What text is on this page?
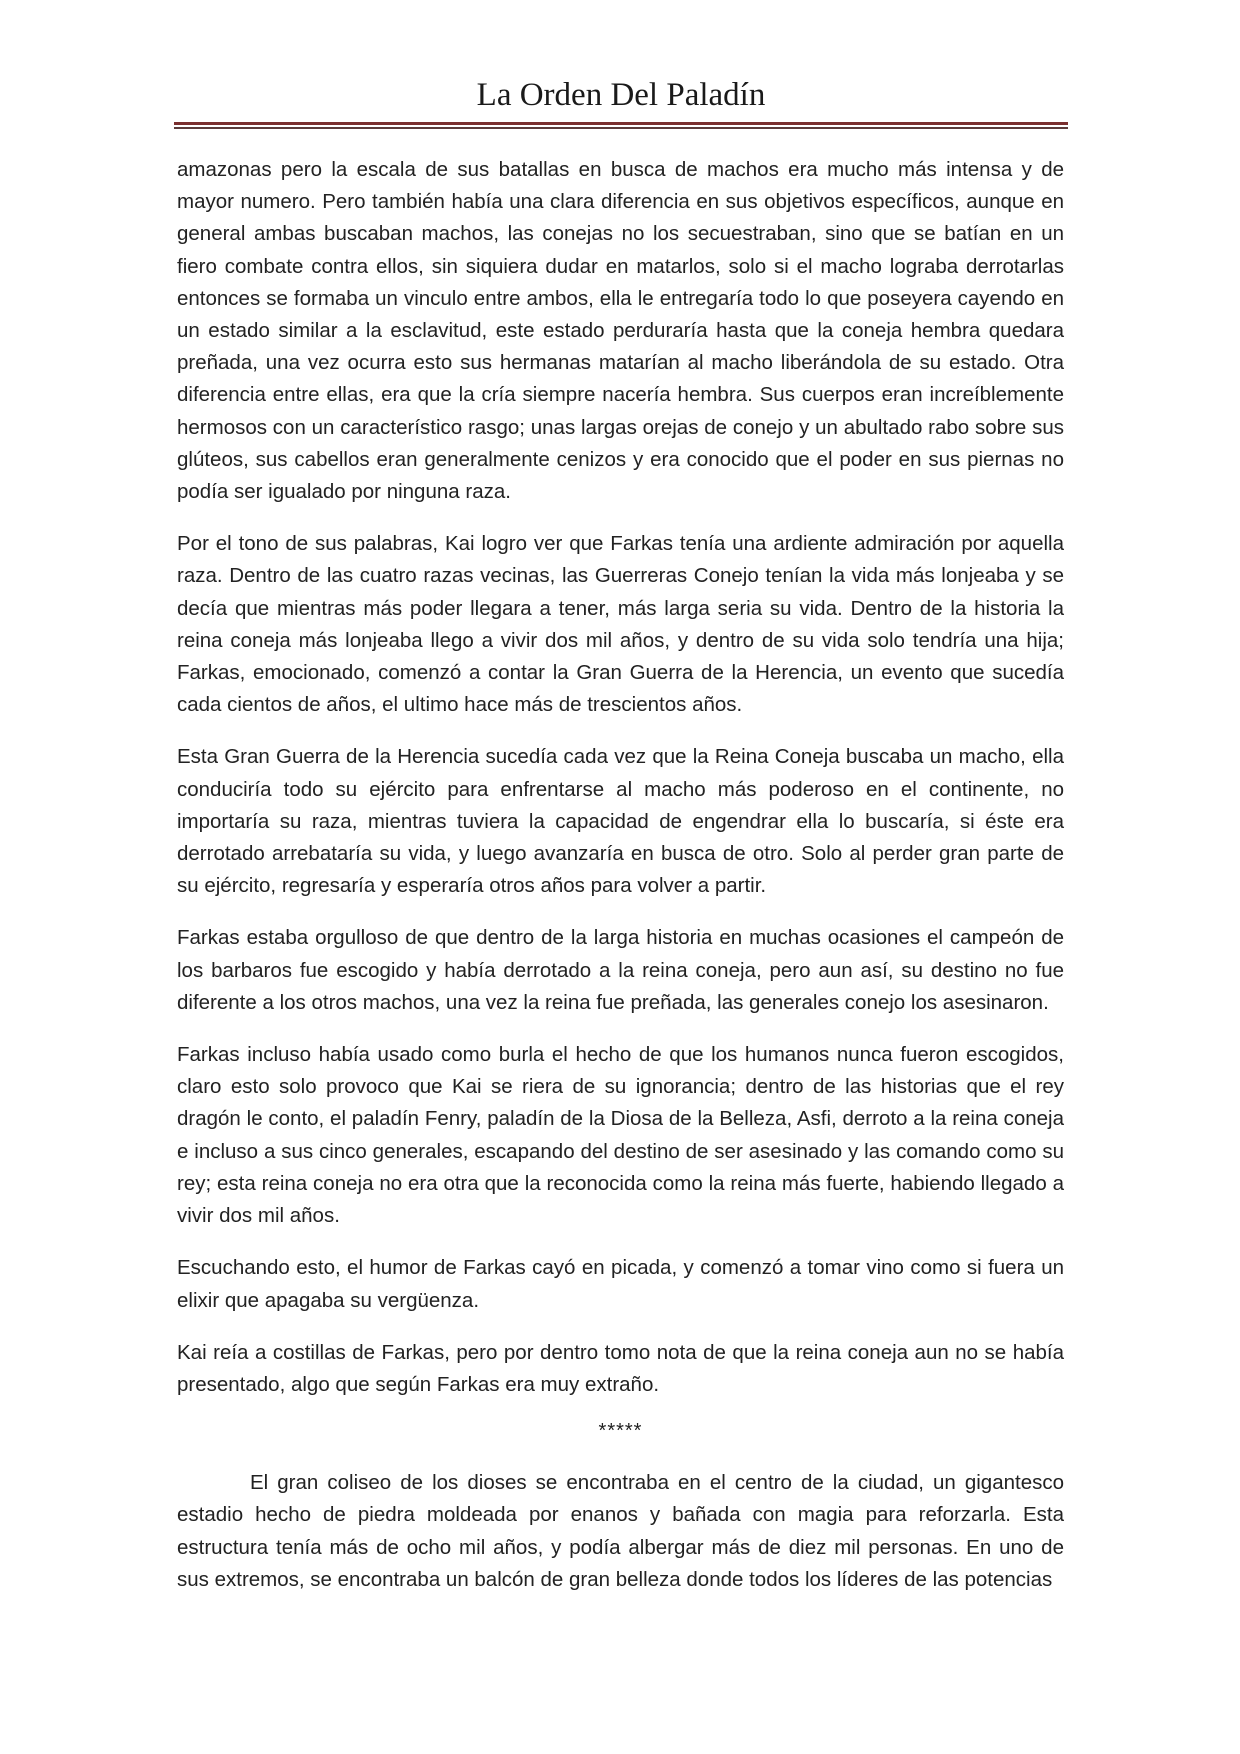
La Orden Del Paladín

amazonas pero la escala de sus batallas en busca de machos era mucho más intensa y de mayor numero. Pero también había una clara diferencia en sus objetivos específicos, aunque en general ambas buscaban machos, las conejas no los secuestraban, sino que se batían en un fiero combate contra ellos, sin siquiera dudar en matarlos, solo si el macho lograba derrotarlas entonces se formaba un vinculo entre ambos, ella le entregaría todo lo que poseyera cayendo en un estado similar a la esclavitud, este estado perduraría hasta que la coneja hembra quedara preñada, una vez ocurra esto sus hermanas matarían al macho liberándola de su estado. Otra diferencia entre ellas, era que la cría siempre nacería hembra. Sus cuerpos eran increíblemente hermosos con un característico rasgo; unas largas orejas de conejo y un abultado rabo sobre sus glúteos, sus cabellos eran generalmente cenizos y era conocido que el poder en sus piernas no podía ser igualado por ninguna raza.

Por el tono de sus palabras, Kai logro ver que Farkas tenía una ardiente admiración por aquella raza. Dentro de las cuatro razas vecinas, las Guerreras Conejo tenían la vida más lonjeaba y se decía que mientras más poder llegara a tener, más larga seria su vida. Dentro de la historia la reina coneja más lonjeaba llego a vivir dos mil años, y dentro de su vida solo tendría una hija; Farkas, emocionado, comenzó a contar la Gran Guerra de la Herencia, un evento que sucedía cada cientos de años, el ultimo hace más de trescientos años.

Esta Gran Guerra de la Herencia sucedía cada vez que la Reina Coneja buscaba un macho, ella conduciría todo su ejército para enfrentarse al macho más poderoso en el continente, no importaría su raza, mientras tuviera la capacidad de engendrar ella lo buscaría, si éste era derrotado arrebataría su vida, y luego avanzaría en busca de otro. Solo al perder gran parte de su ejército, regresaría y esperaría otros años para volver a partir.

Farkas estaba orgulloso de que dentro de la larga historia en muchas ocasiones el campeón de los barbaros fue escogido y había derrotado a la reina coneja, pero aun así, su destino no fue diferente a los otros machos, una vez la reina fue preñada, las generales conejo los asesinaron.

Farkas incluso había usado como burla el hecho de que los humanos nunca fueron escogidos, claro esto solo provoco que Kai se riera de su ignorancia; dentro de las historias que el rey dragón le conto, el paladín Fenry, paladín de la Diosa de la Belleza, Asfi, derroto a la reina coneja e incluso a sus cinco generales, escapando del destino de ser asesinado y las comando como su rey; esta reina coneja no era otra que la reconocida como la reina más fuerte, habiendo llegado a vivir dos mil años.

Escuchando esto, el humor de Farkas cayó en picada, y comenzó a tomar vino como si fuera un elixir que apagaba su vergüenza.

Kai reía a costillas de Farkas, pero por dentro tomo nota de que la reina coneja aun no se había presentado, algo que según Farkas era muy extraño.

*****

El gran coliseo de los dioses se encontraba en el centro de la ciudad, un gigantesco estadio hecho de piedra moldeada por enanos y bañada con magia para reforzarla. Esta estructura tenía más de ocho mil años, y podía albergar más de diez mil personas. En uno de sus extremos, se encontraba un balcón de gran belleza donde todos los líderes de las potencias
